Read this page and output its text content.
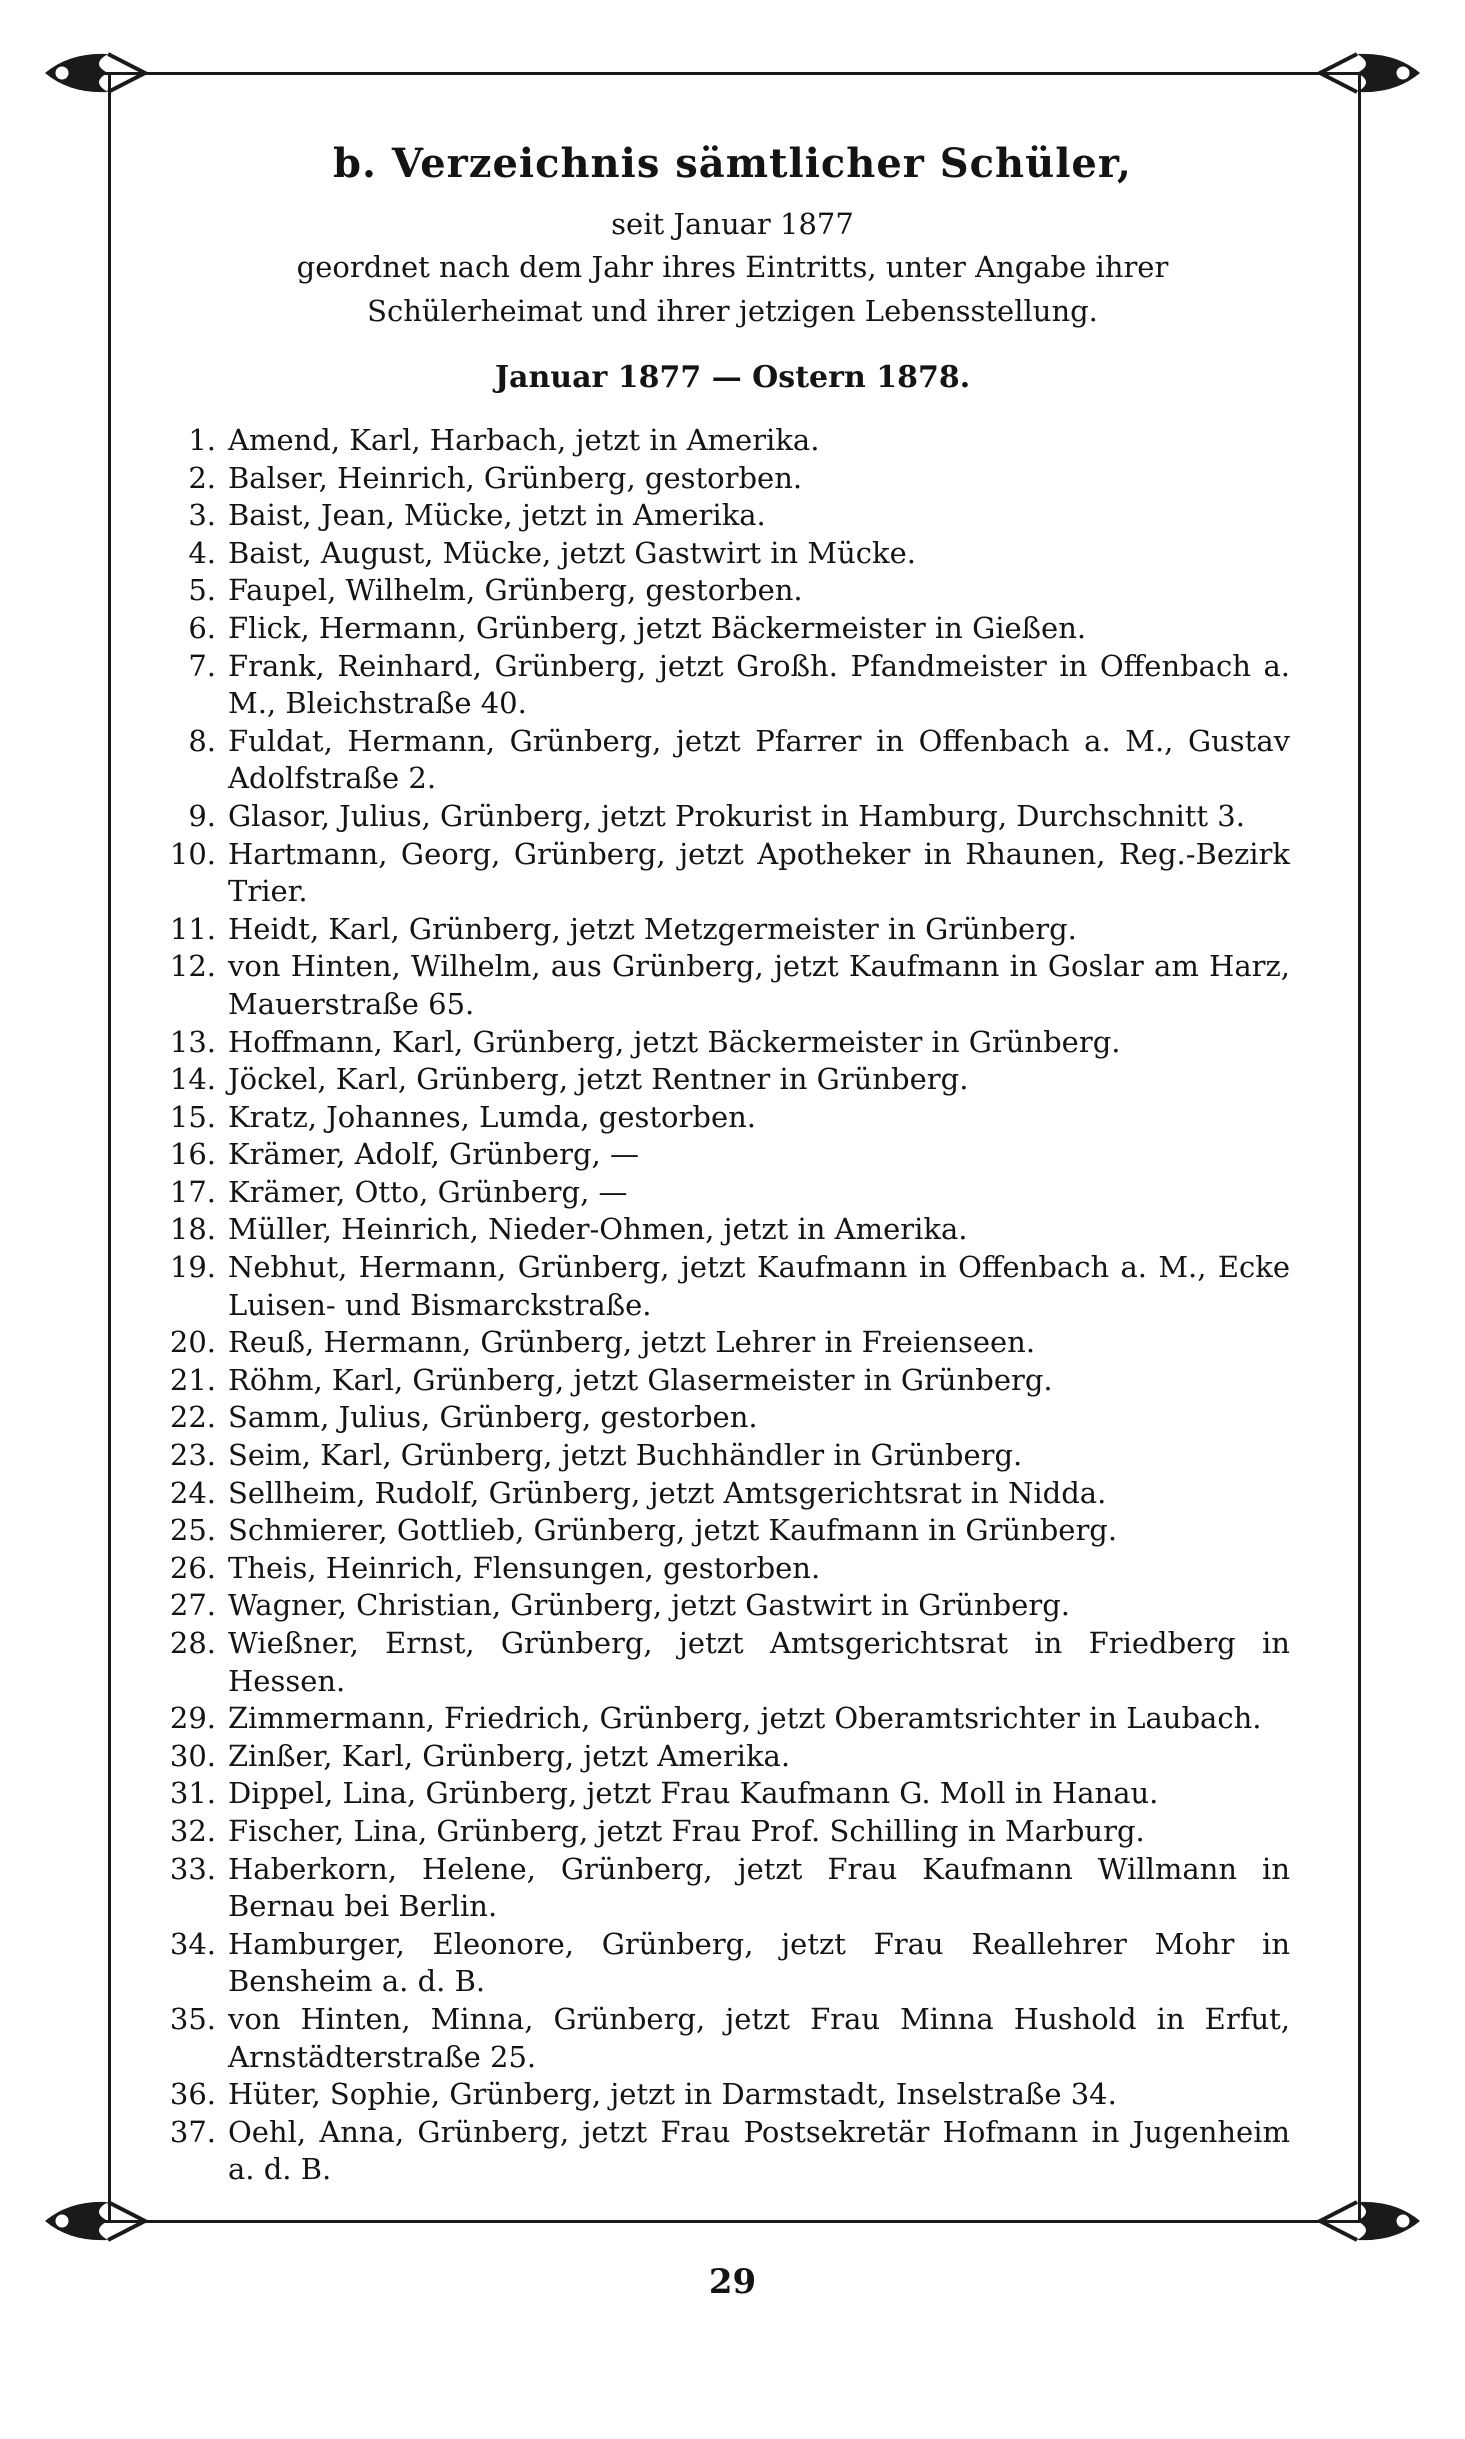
b. Verzeichnis sämtlicher Schüler,
seit Januar 1877
geordnet nach dem Jahr ihres Eintritts, unter Angabe ihrer
Schülerheimat und ihrer jetzigen Lebensstellung.
Januar 1877 — Ostern 1878.
1. Amend, Karl, Harbach, jetzt in Amerika.
2. Balser, Heinrich, Grünberg, gestorben.
3. Baist, Jean, Mücke, jetzt in Amerika.
4. Baist, August, Mücke, jetzt Gastwirt in Mücke.
5. Faupel, Wilhelm, Grünberg, gestorben.
6. Flick, Hermann, Grünberg, jetzt Bäckermeister in Gießen.
7. Frank, Reinhard, Grünberg, jetzt Großh. Pfandmeister in Offenbach a. M., Bleichstraße 40.
8. Fuldat, Hermann, Grünberg, jetzt Pfarrer in Offenbach a. M., Gustav Adolfstraße 2.
9. Glasor, Julius, Grünberg, jetzt Prokurist in Hamburg, Durchschnitt 3.
10. Hartmann, Georg, Grünberg, jetzt Apotheker in Rhaunen, Reg.-Bezirk Trier.
11. Heidt, Karl, Grünberg, jetzt Metzgermeister in Grünberg.
12. von Hinten, Wilhelm, aus Grünberg, jetzt Kaufmann in Goslar am Harz, Mauerstraße 65.
13. Hoffmann, Karl, Grünberg, jetzt Bäckermeister in Grünberg.
14. Jöckel, Karl, Grünberg, jetzt Rentner in Grünberg.
15. Kratz, Johannes, Lumda, gestorben.
16. Krämer, Adolf, Grünberg, —
17. Krämer, Otto, Grünberg, —
18. Müller, Heinrich, Nieder-Ohmen, jetzt in Amerika.
19. Nebhut, Hermann, Grünberg, jetzt Kaufmann in Offenbach a. M., Ecke Luisen- und Bismarckstraße.
20. Reuß, Hermann, Grünberg, jetzt Lehrer in Freienseen.
21. Röhm, Karl, Grünberg, jetzt Glasermeister in Grünberg.
22. Samm, Julius, Grünberg, gestorben.
23. Seim, Karl, Grünberg, jetzt Buchhändler in Grünberg.
24. Sellheim, Rudolf, Grünberg, jetzt Amtsgerichtsrat in Nidda.
25. Schmierer, Gottlieb, Grünberg, jetzt Kaufmann in Grünberg.
26. Theis, Heinrich, Flensungen, gestorben.
27. Wagner, Christian, Grünberg, jetzt Gastwirt in Grünberg.
28. Wießner, Ernst, Grünberg, jetzt Amtsgerichtsrat in Friedberg in Hessen.
29. Zimmermann, Friedrich, Grünberg, jetzt Oberamtsrichter in Laubach.
30. Zinßer, Karl, Grünberg, jetzt Amerika.
31. Dippel, Lina, Grünberg, jetzt Frau Kaufmann G. Moll in Hanau.
32. Fischer, Lina, Grünberg, jetzt Frau Prof. Schilling in Marburg.
33. Haberkorn, Helene, Grünberg, jetzt Frau Kaufmann Willmann in Bernau bei Berlin.
34. Hamburger, Eleonore, Grünberg, jetzt Frau Reallehrer Mohr in Bensheim a. d. B.
35. von Hinten, Minna, Grünberg, jetzt Frau Minna Hushold in Erfut, Arnstädterstraße 25.
36. Hüter, Sophie, Grünberg, jetzt in Darmstadt, Inselstraße 34.
37. Oehl, Anna, Grünberg, jetzt Frau Postsekretär Hofmann in Jugenheim a. d. B.
29
